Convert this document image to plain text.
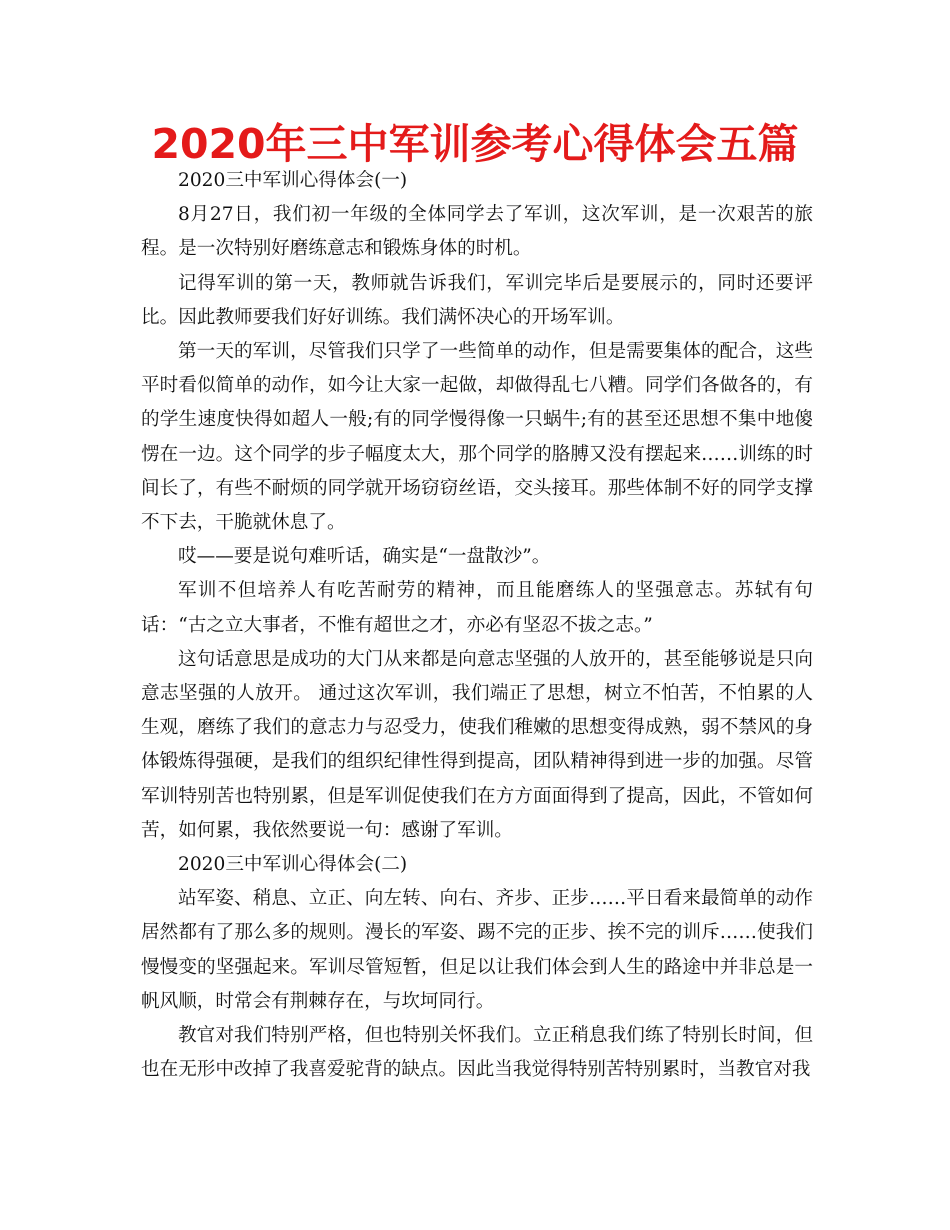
2020年三中军训参考心得体会五篇

2020三中军训心得体会(一)

8月27日，我们初一年级的全体同学去了军训，这次军训，是一次艰苦的旅程。是一次特别好磨练意志和锻炼身体的时机。

记得军训的第一天，教师就告诉我们，军训完毕后是要展示的，同时还要评比。因此教师要我们好好训练。我们满怀决心的开场军训。

第一天的军训，尽管我们只学了一些简单的动作，但是需要集体的配合，这些平时看似简单的动作，如今让大家一起做，却做得乱七八糟。同学们各做各的，有的学生速度快得如超人一般;有的同学慢得像一只蜗牛;有的甚至还思想不集中地傻愣在一边。这个同学的步子幅度太大，那个同学的胳膊又没有摆起来……训练的时间长了，有些不耐烦的同学就开场窃窃丝语，交头接耳。那些体制不好的同学支撑不下去，干脆就休息了。

哎——要是说句难听话，确实是“一盘散沙”。

军训不但培养人有吃苦耐劳的精神，而且能磨练人的坚强意志。苏轼有句话：“古之立大事者，不惟有超世之才，亦必有坚忍不拔之志。”

这句话意思是成功的大门从来都是向意志坚强的人放开的，甚至能够说是只向意志坚强的人放开。 通过这次军训，我们端正了思想，树立不怕苦，不怕累的人生观，磨练了我们的意志力与忍受力，使我们稚嫩的思想变得成熟，弱不禁风的身体锻炼得强硬，是我们的组织纪律性得到提高，团队精神得到进一步的加强。尽管军训特别苦也特别累，但是军训促使我们在方方面面得到了提高，因此，不管如何苦，如何累，我依然要说一句：感谢了军训。

2020三中军训心得体会(二)

站军姿、稍息、立正、向左转、向右、齐步、正步……平日看来最简单的动作居然都有了那么多的规则。漫长的军姿、踢不完的正步、挨不完的训斥……使我们慢慢变的坚强起来。军训尽管短暂，但足以让我们体会到人生的路途中并非总是一帆风顺，时常会有荆棘存在，与坎坷同行。

教官对我们特别严格，但也特别关怀我们。立正稍息我们练了特别长时间，但也在无形中改掉了我喜爱驼背的缺点。因此当我觉得特别苦特别累时，当教官对我
